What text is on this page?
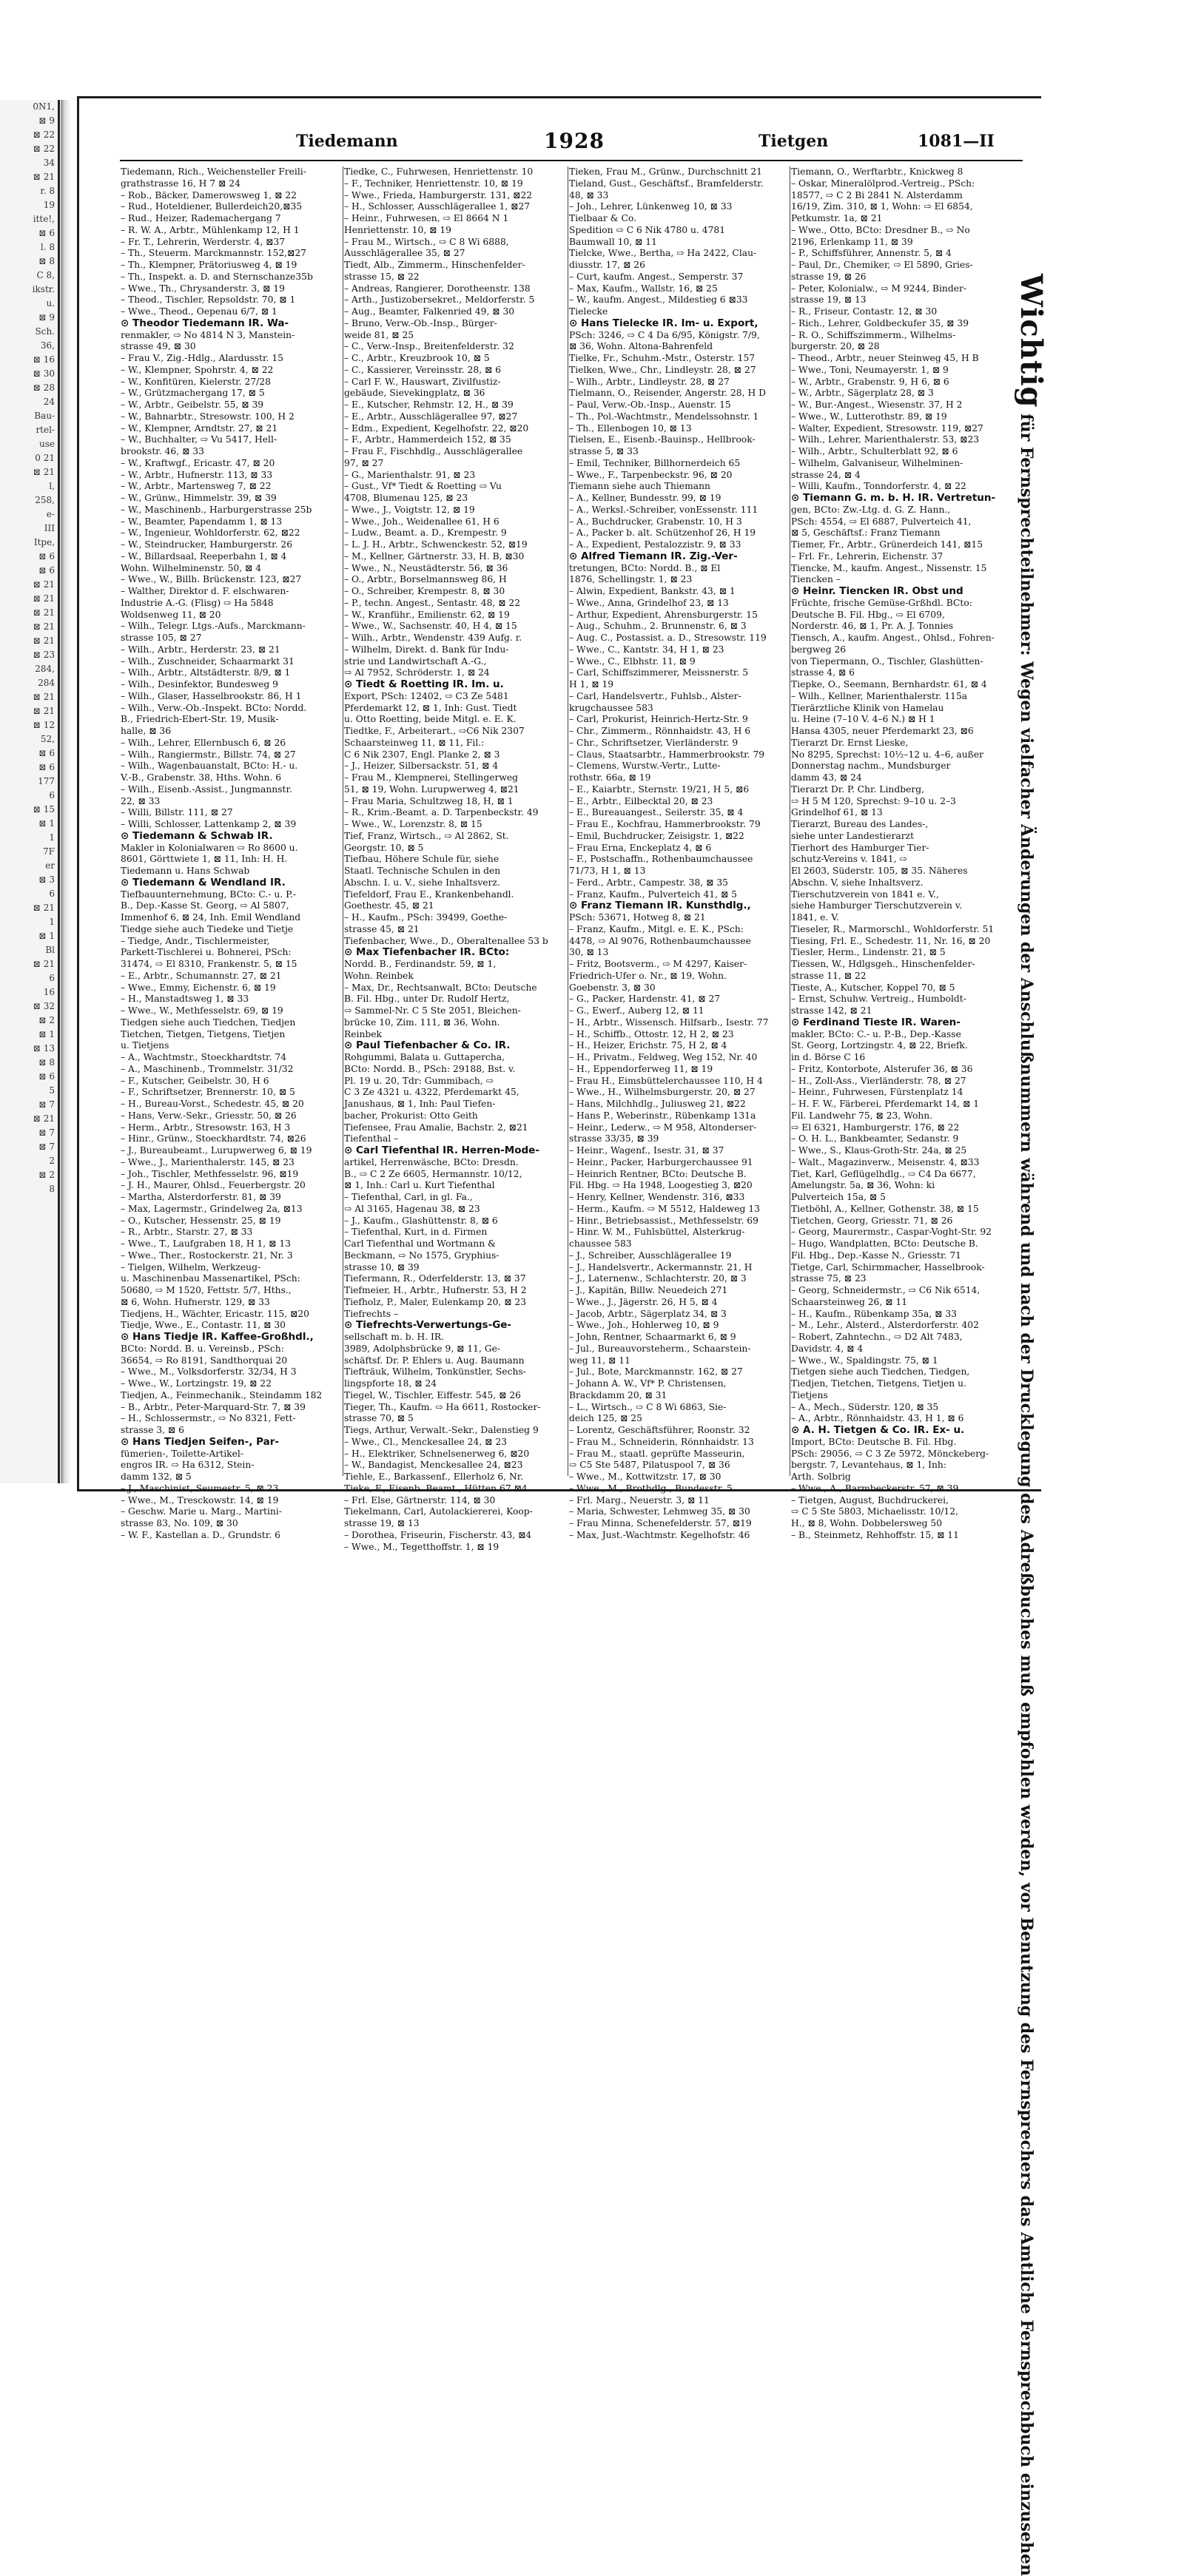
0N1,
⊠ 9
⊠ 22
⊠ 22
34
⊠ 21
r. 8
19
itte!,
⊠ 6
l. 8
⊠ 8
C 8,
ikstr.
u.
⊠ 9
Sch.
36,
⊠ 16
⊠ 30
⊠ 28
24
Bau-
rtel-
use
0 21
⊠ 21
l,
258,
e-
III
Itpe,
⊠ 6
⊠ 6
⊠ 21
⊠ 21
⊠ 21
⊠ 21
⊠ 21
⊠ 23
284,
284
⊠ 21
⊠ 21
⊠ 12
52,
⊠ 6
⊠ 6
177
6
⊠ 15
⊠ 1
1
7F
er
⊠ 3
6
⊠ 21
1
⊠ 1
Bl
⊠ 21
6
16
⊠ 32
⊠ 2
⊠ 1
⊠ 13
⊠ 8
⊠ 6
5
⊠ 7
⊠ 21
⊠ 7
⊠ 7
2
⊠ 2
8
Tiedemann	1928	Tietgen	1081—II
Tiedemann, Rich., Weichensteller Freili-
grathstrasse 16, H 7 ⊠ 24
– Rob., Bäcker, Damerowsweg 1, ⊠ 22
– Rud., Hoteldiener, Bullerdeich20,⊠35
– Rud., Heizer, Rademachergang 7
– R. W. A., Arbtr., Mühlenkamp 12, H 1
– Fr. T., Lehrerin, Werderstr. 4, ⊠37
– Th., Steuerm. Marckmannstr. 152,⊠27
– Th., Klempner, Prätoriusweg 4, ⊠ 19
– Th., Inspekt. a. D. and Sternschanze35b
– Wwe., Th., Chrysanderstr. 3, ⊠ 19
– Theod., Tischler, Repsoldstr. 70, ⊠ 1
– Wwe., Theod., Oepenau 6/7, ⊠ 1
⊙ Theodor Tiedemann IR. Wa-
renmakler, ⇨ No 4814 N 3, Manstein-
strasse 49, ⊠ 30
– Frau V., Zig.-Hdlg., Alardusstr. 15
– W., Klempner, Spohrstr. 4, ⊠ 22
– W., Konfitüren, Kielerstr. 27/28
– W., Grützmachergang 17, ⊠ 5
– W., Arbtr., Geibelstr. 55, ⊠ 39
– W., Bahnarbtr., Stresowstr. 100, H 2
– W., Klempner, Arndtstr. 27, ⊠ 21
– W., Buchhalter, ⇨ Vu 5417, Hell-
brookstr. 46, ⊠ 33
– W., Kraftwgf., Ericastr. 47, ⊠ 20
– W., Arbtr., Hufnerstr. 113, ⊠ 33
– W., Arbtr., Martensweg 7, ⊠ 22
– W., Grünw., Himmelstr. 39, ⊠ 39
– W., Maschinenb., Harburgerstrasse 25b
– W., Beamter, Papendamm 1, ⊠ 13
– W., Ingenieur, Wohldorferstr. 62, ⊠22
– W., Steindrucker, Hamburgerstr. 26
– W., Billardsaal, Reeperbahn 1, ⊠ 4
Wohn. Wilhelminenstr. 50, ⊠ 4
– Wwe., W., Billh. Brückenstr. 123, ⊠27
– Walther, Direktor d. F. elschwaren-
Industrie A.-G. (Flisg) ⇨ Ha 5848
Woldsenweg 11, ⊠ 20
– Wilh., Telegr. Ltgs.-Aufs., Marckmann-
strasse 105, ⊠ 27
– Wilh., Arbtr., Herderstr. 23, ⊠ 21
– Wilh., Zuschneider, Schaarmarkt 31
– Wilh., Arbtr., Altstädterstr. 8/9, ⊠ 1
– Wilh., Desinfektor, Bundesweg 9
– Wilh., Glaser, Hasselbrookstr. 86, H 1
– Wilh., Verw.-Ob.-Inspekt. BCto: Nordd.
B., Friedrich-Ebert-Str. 19, Musik-
halle, ⊠ 36
– Wilh., Lehrer, Ellernbusch 6, ⊠ 26
– Wilh., Rangiermstr., Billstr. 74, ⊠ 27
– Wilh., Wagenbauanstalt, BCto: H.- u.
V.-B., Grabenstr. 38, Hths. Wohn. 6
– Wilh., Eisenb.-Assist., Jungmannstr.
22, ⊠ 33
– Willi, Billstr. 111, ⊠ 27
– Willi, Schlosser, Lattenkamp 2, ⊠ 39
⊙ Tiedemann & Schwab IR.
Makler in Kolonialwaren ⇨ Ro 8600 u.
8601, Görttwiete 1, ⊠ 11, Inh: H. H.
Tiedemann u. Hans Schwab
⊙ Tiedemann & Wendland IR.
Tiefbauunternehmung, BCto: C.- u. P.-
B., Dep.-Kasse St. Georg, ⇨ Al 5807,
Immenhof 6, ⊠ 24, Inh. Emil Wendland
Tiedge siehe auch Tiedeke und Tietje
– Tiedge, Andr., Tischlermeister,
Parkett-Tischlerei u. Bohnerei, PSch:
31474, ⇨ El 8310, Frankenstr. 5, ⊠ 15
– E., Arbtr., Schumannstr. 27, ⊠ 21
– Wwe., Emmy, Eichenstr. 6, ⊠ 19
– H., Manstadtsweg 1, ⊠ 33
– Wwe., W., Methfesselstr. 69, ⊠ 19
Tiedgen siehe auch Tiedchen, Tiedjen
Tietchen, Tietgen, Tietgens, Tietjen
u. Tietjens
– A., Wachtmstr., Stoeckhardtstr. 74
– A., Maschinenb., Trommelstr. 31/32
– F., Kutscher, Geibelstr. 30, H 6
– F., Schriftsetzer, Brennerstr. 10, ⊠ 5
– H., Bureau-Vorst., Schedestr. 45, ⊠ 20
– Hans, Verw.-Sekr., Griesstr. 50, ⊠ 26
– Herm., Arbtr., Stresowstr. 163, H 3
– Hinr., Grünw., Stoeckhardtstr. 74, ⊠26
– J., Bureaubeamt., Lurupwerweg 6, ⊠ 19
– Wwe., J., Marienthalerstr. 145, ⊠ 23
– Joh., Tischler, Methfesselstr. 96, ⊠19
– J. H., Maurer, Ohlsd., Feuerbergstr. 20
– Martha, Alsterdorferstr. 81, ⊠ 39
– Max, Lagermstr., Grindelweg 2a, ⊠13
– O., Kutscher, Hessenstr. 25, ⊠ 19
– R., Arbtr., Starstr. 27, ⊠ 33
– Wwe., T., Laufgraben 18, H 1, ⊠ 13
– Wwe., Ther., Rostockerstr. 21, Nr. 3
– Tielgen, Wilhelm, Werkzeug-
u. Maschinenbau Massenartikel, PSch:
50680, ⇨ M 1520, Fettstr. 5/7, Hths.,
⊠ 6, Wohn. Hufnerstr. 129, ⊠ 33
Tiedjens, H., Wächter, Ericastr. 115, ⊠20
Tiedje, Wwe., E., Contastr. 11, ⊠ 30
⊙ Hans Tiedje IR. Kaffee-Großhdl.,
BCto: Nordd. B. u. Vereinsb., PSch:
36654, ⇨ Ro 8191, Sandthorquai 20
– Wwe., M., Volksdorferstr. 32/34, H 3
– Wwe., W., Lortzingstr. 19, ⊠ 22
Tiedjen, A., Feinmechanik., Steindamm 182
– B., Arbtr., Peter-Marquard-Str. 7, ⊠ 39
– H., Schlossermstr., ⇨ No 8321, Fett-
strasse 3, ⊠ 6
⊙ Hans Tiedjen Seifen-, Par-
fümerien-, Toilette-Artikel-
engros IR. ⇨ Ha 6312, Stein-
damm 132, ⊠ 5
– J., Maschinist, Seumestr. 5, ⊠ 23
– Wwe., M., Tresckowstr. 14, ⊠ 19
– Geschw. Marie u. Marg., Martini-
strasse 83, No. 109, ⊠ 30
– W. F., Kastellan a. D., Grundstr. 6
Tiedke, C., Fuhrwesen, Henriettenstr. 10
– F., Techniker, Henriettenstr. 10, ⊠ 19
– Wwe., Frieda, Hamburgerstr. 131, ⊠22
– H., Schlosser, Ausschlägerallee 1, ⊠27
– Heinr., Fuhrwesen, ⇨ El 8664 N 1
Henriettenstr. 10, ⊠ 19
– Frau M., Wirtsch., ⇨ C 8 Wi 6888,
Ausschlägerallee 35, ⊠ 27
Tiedt, Alb., Zimmerm., Hinschenfelder-
strasse 15, ⊠ 22
– Andreas, Rangierer, Dorotheenstr. 138
– Arth., Justizobersekret., Meldorferstr. 5
– Aug., Beamter, Falkenried 49, ⊠ 30
– Bruno, Verw.-Ob.-Insp., Bürger-
weide 81, ⊠ 25
– C., Verw.-Insp., Breitenfelderstr. 32
– C., Arbtr., Kreuzbrook 10, ⊠ 5
– C., Kassierer, Vereinsstr. 28, ⊠ 6
– Carl F. W., Hauswart, Zivilfustiz-
gebäude, Sievekingplatz, ⊠ 36
– E., Kutscher, Rehmstr. 12, H., ⊠ 39
– E., Arbtr., Ausschlägerallee 97, ⊠27
– Edm., Expedient, Kegelhofstr. 22, ⊠20
– F., Arbtr., Hammerdeich 152, ⊠ 35
– Frau F., Fischhdlg., Ausschlägerallee
97, ⊠ 27
– G., Marienthalstr. 91, ⊠ 23
– Gust., Vf* Tiedt & Roetting ⇨ Vu
4708, Blumenau 125, ⊠ 23
– Wwe., J., Voigtstr. 12, ⊠ 19
– Wwe., Joh., Weidenallee 61, H 6
– Ludw., Beamt. a. D., Krempestr. 9
– L. J. H., Arbtr., Schwenckestr. 52, ⊠19
– M., Kellner, Gärtnerstr. 33, H. B, ⊠30
– Wwe., N., Neustädterstr. 56, ⊠ 36
– O., Arbtr., Borselmannsweg 86, H
– O., Schreiber, Krempestr. 8, ⊠ 30
– P., techn. Angest., Sentastr. 48, ⊠ 22
– W., Kranführ., Emilienstr. 62, ⊠ 19
– Wwe., W., Sachsenstr. 40, H 4, ⊠ 15
– Wilh., Arbtr., Wendenstr. 439 Aufg. r.
– Wilhelm, Direkt. d. Bank für Indu-
strie und Landwirtschaft A.-G.,
⇨ Al 7952, Schröderstr. 1, ⊠ 24
⊙ Tiedt & Roetting IR. Im. u.
Export, PSch: 12402, ⇨ C3 Ze 5481
Pferdemarkt 12, ⊠ 1, Inh: Gust. Tiedt
u. Otto Roetting, beide Mitgl. e. E. K.
Tiedtke, F., Arbeiterart., ⇨C6 Nik 2307
Schaarsteinweg 11, ⊠ 11, Fil.:
C 6 Nik 2307, Engl. Planke 2, ⊠ 3
– J., Heizer, Silbersackstr. 51, ⊠ 4
– Frau M., Klempnerei, Stellingerweg
51, ⊠ 19, Wohn. Lurupwerweg 4, ⊠21
– Frau Maria, Schultzweg 18, H, ⊠ 1
– R., Krim.-Beamt. a. D. Tarpenbeckstr. 49
– Wwe., W., Lorenzstr. 8, ⊠ 15
Tief, Franz, Wirtsch., ⇨ Al 2862, St.
Georgstr. 10, ⊠ 5
Tiefbau, Höhere Schule für, siehe
Staatl. Technische Schulen in den
Abschn. I. u. V., siehe Inhaltsverz.
Tiefeldorf, Frau E., Krankenbehandl.
Goethestr. 45, ⊠ 21
– H., Kaufm., PSch: 39499, Goethe-
strasse 45, ⊠ 21
Tiefenbacher, Wwe., D., Oberaltenallee 53 b
⊙ Max Tiefenbacher IR. BCto:
Nordd. B., Ferdinandstr. 59, ⊠ 1,
Wohn. Reinbek
– Max, Dr., Rechtsanwalt, BCto: Deutsche
B. Fil. Hbg., unter Dr. Rudolf Hertz,
⇨ Sammel-Nr. C 5 Ste 2051, Bleichen-
brücke 10, Zim. 111, ⊠ 36, Wohn.
Reinbek
⊙ Paul Tiefenbacher & Co. IR.
Rohgummi, Balata u. Guttapercha,
BCto: Nordd. B., PSch: 29188, Bst. v.
Pl. 19 u. 20, Tdr: Gummibach, ⇨
C 3 Ze 4321 u. 4322, Pferdemarkt 45,
Janushaus, ⊠ 1, Inh: Paul Tiefen-
bacher, Prokurist: Otto Geith
Tiefensee, Frau Amalie, Bachstr. 2, ⊠21
Tiefenthal –
⊙ Carl Tiefenthal IR. Herren-Mode-
artikel, Herrenwäsche, BCto: Dresdn.
B., ⇨ C 2 Ze 6605, Hermannstr. 10/12,
⊠ 1, Inh.: Carl u. Kurt Tiefenthal
– Tiefenthal, Carl, in gl. Fa.,
⇨ Al 3165, Hagenau 38, ⊠ 23
– J., Kaufm., Glashüttenstr. 8, ⊠ 6
– Tiefenthal, Kurt, in d. Firmen
Carl Tiefenthal und Wortmann &
Beckmann, ⇨ No 1575, Gryphius-
strasse 10, ⊠ 39
Tiefermann, R., Oderfelderstr. 13, ⊠ 37
Tiefmeier, H., Arbtr., Hufnerstr. 53, H 2
Tiefholz, P., Maler, Eulenkamp 20, ⊠ 23
Tiefrechts –
⊙ Tiefrechts-Verwertungs-Ge-
sellschaft m. b. H. IR.
3989, Adolphsbrücke 9, ⊠ 11, Ge-
schäftsf. Dr. P. Ehlers u. Aug. Baumann
Tiefträuk, Wilhelm, Tonkünstler, Sechs-
lingspforte 18, ⊠ 24
Tiegel, W., Tischler, Eiffestr. 545, ⊠ 26
Tieger, Th., Kaufm. ⇨ Ha 6611, Rostocker-
strasse 70, ⊠ 5
Tiegs, Arthur, Verwalt.-Sekr., Dalenstieg 9
– Wwe., Cl., Menckesallee 24, ⊠ 23
– H., Elektriker, Schnelsenerweg 6, ⊠20
– W., Bandagist, Menckesallee 24, ⊠23
Tiehle, E., Barkassenf., Ellerholz 6, Nr.
Tieke, F., Eisenb. Beamt., Hütten 67 ⊠4
– Frl. Else, Gärtnerstr. 114, ⊠ 30
Tiekelmann, Carl, Autolackiererei, Koop-
strasse 19, ⊠ 13
– Dorothea, Friseurin, Fischerstr. 43, ⊠4
– Wwe., M., Tegetthoffstr. 1, ⊠ 19
Tieken, Frau M., Grünw., Durchschnitt 21
Tieland, Gust., Geschäftsf., Bramfelderstr.
48, ⊠ 33
– Joh., Lehrer, Lünkenweg 10, ⊠ 33
Tielbaar & Co.
Spedition ⇨ C 6 Nik 4780 u. 4781
Baumwall 10, ⊠ 11
Tielcke, Wwe., Bertha, ⇨ Ha 2422, Clau-
diusstr. 17, ⊠ 26
– Curt, kaufm. Angest., Semperstr. 37
– Max, Kaufm., Wallstr. 16, ⊠ 25
– W., kaufm. Angest., Mildestieg 6 ⊠33
Tielecke
⊙ Hans Tielecke IR. Im- u. Export,
PSch: 3246, ⇨ C 4 Da 6/95, Königstr. 7/9,
⊠ 36, Wohn. Altona-Bahrenfeld
Tielke, Fr., Schuhm.-Mstr., Osterstr. 157
Tielken, Wwe., Chr., Lindleystr. 28, ⊠ 27
– Wilh., Arbtr., Lindleystr. 28, ⊠ 27
Tielmann, O., Reisender, Angerstr. 28, H D
– Paul, Verw.-Ob.-Insp., Auenstr. 15
– Th., Pol.-Wachtmstr., Mendelssohnstr. 1
– Th., Ellenbogen 10, ⊠ 13
Tielsen, E., Eisenb.-Bauinsp., Hellbrook-
strasse 5, ⊠ 33
– Emil, Techniker, Billhornerdeich 65
– Wwe., F., Tarpenbeckstr. 96, ⊠ 20
Tiemann siehe auch Thiemann
– A., Kellner, Bundesstr. 99, ⊠ 19
– A., Werksl.-Schreiber, vonEssenstr. 111
– A., Buchdrucker, Grabenstr. 10, H 3
– A., Packer b. alt. Schützenhof 26, H 19
– A., Expedient, Pestalozzistr. 9, ⊠ 33
⊙ Alfred Tiemann IR. Zig.-Ver-
tretungen, BCto: Nordd. B., ⊠ El
1876, Schellingstr. 1, ⊠ 23
– Alwin, Expedient, Bankstr. 43, ⊠ 1
– Wwe., Anna, Grindelhof 23, ⊠ 13
– Arthur, Expedient, Ahrensburgerstr. 15
– Aug., Schuhm., 2. Brunnenstr. 6, ⊠ 3
– Aug. C., Postassist. a. D., Stresowstr. 119
– Wwe., C., Kantstr. 34, H 1, ⊠ 23
– Wwe., C., Elbhstr. 11, ⊠ 9
– Carl, Schiffszimmerer, Meissnerstr. 5
H 1, ⊠ 19
– Carl, Handelsvertr., Fuhlsb., Alster-
krugchaussee 583
– Carl, Prokurist, Heinrich-Hertz-Str. 9
– Chr., Zimmerm., Rönnhaidstr. 43, H 6
– Chr., Schriftsetzer, Vierländerstr. 9
– Claus, Staatsarbtr., Hammerbrookstr. 79
– Clemens, Wurstw.-Vertr., Lutte-
rothstr. 66a, ⊠ 19
– E., Kaiarbtr., Sternstr. 19/21, H 5, ⊠6
– E., Arbtr., Eilbecktal 20, ⊠ 23
– E., Bureauangest., Seilerstr. 35, ⊠ 4
– Frau E., Kochfrau, Hammerbrookstr. 79
– Emil, Buchdrucker, Zeisigstr. 1, ⊠22
– Frau Erna, Enckeplatz 4, ⊠ 6
– F., Postschaffn., Rothenbaumchaussee
71/73, H 1, ⊠ 13
– Ferd., Arbtr., Campestr. 38, ⊠ 35
– Franz, Kaufm., Pulverteich 41, ⊠ 5
⊙ Franz Tiemann IR. Kunsthdlg.,
PSch: 53671, Hotweg 8, ⊠ 21
– Franz, Kaufm., Mitgl. e. E. K., PSch:
4478, ⇨ Al 9076, Rothenbaumchaussee
30, ⊠ 13
– Fritz, Bootsverm., ⇨ M 4297, Kaiser-
Friedrich-Ufer o. Nr., ⊠ 19, Wohn.
Goebenstr. 3, ⊠ 30
– G., Packer, Hardenstr. 41, ⊠ 27
– G., Ewerf., Auberg 12, ⊠ 11
– H., Arbtr., Wissensch. Hilfsarb., Isestr. 77
– H., Schiffb., Ottostr. 12, H 2, ⊠ 23
– H., Heizer, Erichstr. 75, H 2, ⊠ 4
– H., Privatm., Feldweg, Weg 152, Nr. 40
– H., Eppendorferweg 11, ⊠ 19
– Frau H., Eimsbüttelerchaussee 110, H 4
– Wwe., H., Wilhelmsburgerstr. 20, ⊠ 27
– Hans, Milchhdlg., Juliusweg 21, ⊠22
– Hans P., Weberinstr., Rübenkamp 131a
– Heinr., Lederw., ⇨ M 958, Altonderser-
strasse 33/35, ⊠ 39
– Heinr., Wagenf., Isestr. 31, ⊠ 37
– Heinr., Packer, Harburgerchaussee 91
– Heinrich Rentner, BCto: Deutsche B.
Fil. Hbg. ⇨ Ha 1948, Loogestieg 3, ⊠20
– Henry, Kellner, Wendenstr. 316, ⊠33
– Herm., Kaufm. ⇨ M 5512, Haldeweg 13
– Hinr., Betriebsassist., Methfesselstr. 69
– Hinr. W. M., Fuhlsbüttel, Alsterkrug-
chaussee 583
– J., Schreiber, Ausschlägerallee 19
– J., Handelsvertr., Ackermannstr. 21, H
– J., Laternenw., Schlachterstr. 20, ⊠ 3
– J., Kapitän, Billw. Neuedeich 271
– Wwe., J., Jägerstr. 26, H 5, ⊠ 4
– Jacob, Arbtr., Sägerplatz 34, ⊠ 3
– Wwe., Joh., Hohlerweg 10, ⊠ 9
– John, Rentner, Schaarmarkt 6, ⊠ 9
– Jul., Bureauvorsteherm., Schaarstein-
weg 11, ⊠ 11
– Jul., Bote, Marckmannstr. 162, ⊠ 27
– Johann A. W., Vf* P. Christensen,
Brackdamm 20, ⊠ 31
– L., Wirtsch., ⇨ C 8 Wi 6863, Sie-
deich 125, ⊠ 25
– Lorentz, Geschäftsführer, Roonstr. 32
– Frau M., Schneiderin, Rönnhaidstr. 13
– Frau M., staatl. geprüfte Masseurin,
⇨ C5 Ste 5487, Pilatuspool 7, ⊠ 36
– Wwe., M., Kottwitzstr. 17, ⊠ 30
– Wwe., M., Brothdlg., Bundesstr. 5
– Frl. Marg., Neuerstr. 3, ⊠ 11
– Maria, Schwester, Lehmweg 35, ⊠ 30
– Frau Minna, Schenefelderstr. 57, ⊠19
– Max, Just.-Wachtmstr. Kegelhofstr. 46
Tiemann, O., Werftarbtr., Knickweg 8
– Oskar, Mineralölprod.-Vertreig., PSch:
18577, ⇨ C 2 Bi 2841 N. Alsterdamm
16/19, Zim. 310, ⊠ 1, Wohn: ⇨ El 6854,
Petkumstr. 1a, ⊠ 21
– Wwe., Otto, BCto: Dresdner B., ⇨ No
2196, Erlenkamp 11, ⊠ 39
– P., Schiffsführer, Annenstr. 5, ⊠ 4
– Paul, Dr., Chemiker, ⇨ El 5890, Gries-
strasse 19, ⊠ 26
– Peter, Kolonialw., ⇨ M 9244, Binder-
strasse 19, ⊠ 13
– R., Friseur, Contastr. 12, ⊠ 30
– Rich., Lehrer, Goldbeckufer 35, ⊠ 39
– R. O., Schiffszimmerm., Wilhelms-
burgerstr. 20, ⊠ 28
– Theod., Arbtr., neuer Steinweg 45, H B
– Wwe., Toni, Neumayerstr. 1, ⊠ 9
– W., Arbtr., Grabenstr. 9, H 6, ⊠ 6
– W., Arbtr., Sägerplatz 28, ⊠ 3
– W., Bur.-Angest., Wiesenstr. 37, H 2
– Wwe., W., Lutterothstr. 89, ⊠ 19
– Walter, Expedient, Stresowstr. 119, ⊠27
– Wilh., Lehrer, Marienthalerstr. 53, ⊠23
– Wilh., Arbtr., Schulterblatt 92, ⊠ 6
– Wilhelm, Galvaniseur, Wilhelminen-
strasse 24, ⊠ 4
– Willi, Kaufm., Tonndorferstr. 4, ⊠ 22
⊙ Tiemann G. m. b. H. IR. Vertretun-
gen, BCto: Zw.-Ltg. d. G. Z. Hann.,
PSch: 4554, ⇨ El 6887, Pulverteich 41,
⊠ 5, Geschäftsf.: Franz Tiemann
Tiemer, Fr., Arbtr., Grünerdeich 141, ⊠15
– Frl. Fr., Lehrerin, Eichenstr. 37
Tiencke, M., kaufm. Angest., Nissenstr. 15
Tiencken –
⊙ Heinr. Tiencken IR. Obst und
Früchte, frische Gemüse-Grßhdl. BCto:
Deutsche B. Fil. Hbg., ⇨ El 6709,
Norderstr. 46, ⊠ 1, Pr. A. J. Tonnies
Tiensch, A., kaufm. Angest., Ohlsd., Fohren-
bergweg 26
von Tiepermann, O., Tischler, Glashütten-
strasse 4, ⊠ 6
Tiepke, O., Seemann, Bernhardstr. 61, ⊠ 4
– Wilh., Kellner, Marienthalerstr. 115a
Tierärztliche Klinik von Hamelau
u. Heine (7–10 V. 4–6 N.) ⊠ H 1
Hansa 4305, neuer Pferdemarkt 23, ⊠6
Tierarzt Dr. Ernst Lieske,
No 8295, Sprechst: 10½–12 u. 4–6, außer
Donnerstag nachm., Mundsburger
damm 43, ⊠ 24
Tierarzt Dr. P. Chr. Lindberg,
⇨ H 5 M 120, Sprechst: 9–10 u. 2–3
Grindelhof 61, ⊠ 13
Tierarzt, Bureau des Landes-,
siehe unter Landestierarzt
Tierhort des Hamburger Tier-
schutz-Vereins v. 1841, ⇨
El 2603, Süderstr. 105, ⊠ 35. Näheres
Abschn. V, siehe Inhaltsverz.
Tierschutzverein von 1841 e. V.,
siehe Hamburger Tierschutzverein v.
1841, e. V.
Tieseler, R., Marmorschl., Wohldorferstr. 51
Tiesing, Frl. E., Schedestr. 11, Nr. 16, ⊠ 20
Tiesler, Herm., Lindenstr. 21, ⊠ 5
Tiessen, W., Hdlgsgeh., Hinschenfelder-
strasse 11, ⊠ 22
Tieste, A., Kutscher, Koppel 70, ⊠ 5
– Ernst, Schuhw. Vertreig., Humboldt-
strasse 142, ⊠ 21
⊙ Ferdinand Tieste IR. Waren-
makler, BCto: C.- u. P.-B., Dep.-Kasse
St. Georg, Lortzingstr. 4, ⊠ 22, Briefk.
in d. Börse C 16
– Fritz, Kontorbote, Alsterufer 36, ⊠ 36
– H., Zoll-Ass., Vierländerstr. 78, ⊠ 27
– Heinr., Fuhrwesen, Fürstenplatz 14
– H. F. W., Färberei, Pferdemarkt 14, ⊠ 1
Fil. Landwehr 75, ⊠ 23, Wohn.
⇨ El 6321, Hamburgerstr. 176, ⊠ 22
– O. H. L., Bankbeamter, Sedanstr. 9
– Wwe., S., Klaus-Groth-Str. 24a, ⊠ 25
– Walt., Magazinverw., Meisenstr. 4, ⊠33
Tiet, Karl, Geflügelhdlg., ⇨ C4 Da 6677,
Amelungstr. 5a, ⊠ 36, Wohn: ki
Pulverteich 15a, ⊠ 5
Tietböhl, A., Kellner, Gothenstr. 38, ⊠ 15
Tietchen, Georg, Griesstr. 71, ⊠ 26
– Georg, Maurermstr., Caspar-Voght-Str. 92
– Hugo, Wandplatten, BCto: Deutsche B.
Fil. Hbg., Dep.-Kasse N., Griesstr. 71
Tietge, Carl, Schirmmacher, Hasselbrook-
strasse 75, ⊠ 23
– Georg, Schneidermstr., ⇨ C6 Nik 6514,
Schaarsteinweg 26, ⊠ 11
– H., Kaufm., Rübenkamp 35a, ⊠ 33
– M., Lehr., Alsterd., Alsterdorferstr. 402
– Robert, Zahntechn., ⇨ D2 Alt 7483,
Davidstr. 4, ⊠ 4
– Wwe., W., Spaldingstr. 75, ⊠ 1
Tietgen siehe auch Tiedchen, Tiedgen,
Tiedjen, Tietchen, Tietgens, Tietjen u.
Tietjens
– A., Mech., Süderstr. 120, ⊠ 35
– A., Arbtr., Rönnhaidstr. 43, H 1, ⊠ 6
⊙ A. H. Tietgen & Co. IR. Ex- u.
Import, BCto: Deutsche B. Fil. Hbg.
PSch: 29056, ⇨ C 3 Ze 5972, Mönckeberg-
bergstr. 7, Levantehaus, ⊠ 1, Inh:
Arth. Solbrig
– Wwe., A., Barmbeckerstr. 57, ⊠ 39
– Tietgen, August, Buchdruckerei,
⇨ C 5 Ste 5803, Michaelisstr. 10/12,
H., ⊠ 8, Wohn. Dobbelersweg 50
– B., Steinmetz, Rehhoffstr. 15, ⊠ 11
Wichtig für Fernsprechteilnehmer: Wegen vielfacher Änderungen der Anschlußnummern während und nach der Drucklegung des Adreßbuches muß empfohlen werden, vor Benutzung des Fernsprechers das Amtliche Fernsprechbuch einzusehen
